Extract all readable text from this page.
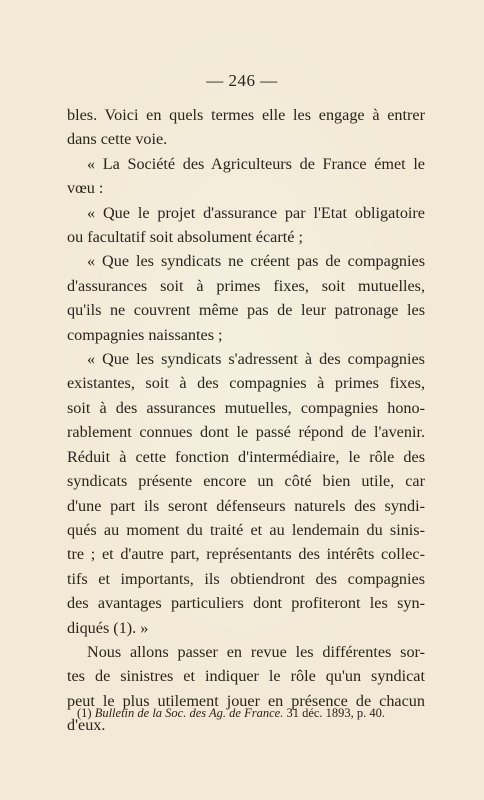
— 246 —
bles. Voici en quels termes elle les engage à entrer
dans cette voie.
« La Société des Agriculteurs de France émet le
vœu :
« Que le projet d'assurance par l'Etat obligatoire
ou facultatif soit absolument écarté ;
« Que les syndicats ne créent pas de compagnies
d'assurances soit à primes fixes, soit mutuelles,
qu'ils ne couvrent même pas de leur patronage les
compagnies naissantes ;
« Que les syndicats s'adressent à des compagnies
existantes, soit à des compagnies à primes fixes,
soit à des assurances mutuelles, compagnies hono-
rablement connues dont le passé répond de l'avenir.
Réduit à cette fonction d'intermédiaire, le rôle des
syndicats présente encore un côté bien utile, car
d'une part ils seront défenseurs naturels des syndi-
qués au moment du traité et au lendemain du sinis-
tre ; et d'autre part, représentants des intérêts collec-
tifs et importants, ils obtiendront des compagnies
des avantages particuliers dont profiteront les syn-
diqués (1). »
Nous allons passer en revue les différentes sor-
tes de sinistres et indiquer le rôle qu'un syndicat
peut le plus utilement jouer en présence de chacun
d'eux.
(1) Bulletin de la Soc. des Ag. de France. 31 déc. 1893, p. 40.
